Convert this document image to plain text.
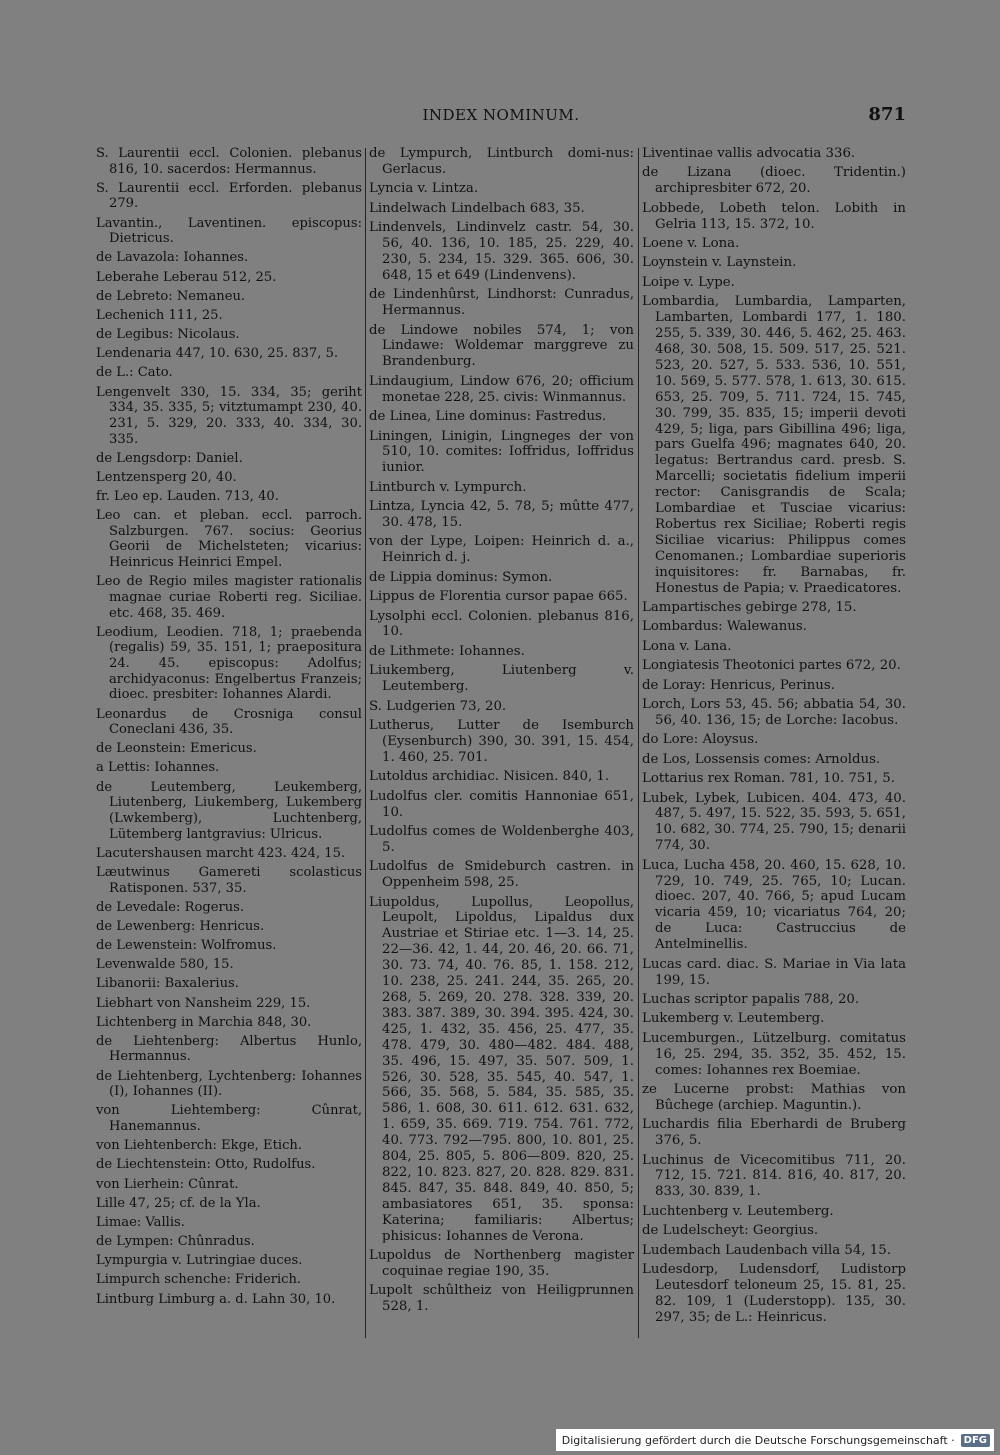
INDEX NOMINUM.	871

S. Laurentii eccl. Colonien. plebanus 816, 10. sacerdos: Hermannus.

S. Laurentii eccl. Erforden. plebanus 279.

Lavantin., Laventinen. episcopus: Dietricus.

de Lavazola: Iohannes.

Leberahe Leberau 512, 25.

de Lebreto: Nemaneu.

Lechenich 111, 25.

de Legibus: Nicolaus.

Lendenaria 447, 10. 630, 25. 837, 5.

de L.: Cato.

Lengenvelt 330, 15. 334, 35; geriht 334, 35. 335, 5; vitztumampt 230, 40. 231, 5. 329, 20. 333, 40. 334, 30. 335.

de Lengsdorp: Daniel.

Lentzensperg 20, 40.

fr. Leo ep. Lauden. 713, 40.

Leo can. et pleban. eccl. parroch. Salzburgen. 767. socius: Georius Georii de Michelsteten; vicarius: Heinricus Heinrici Empel.

Leo de Regio miles magister rationalis magnae curiae Roberti reg. Siciliae. etc. 468, 35. 469.

Leodium, Leodien. 718, 1; praebenda (regalis) 59, 35. 151, 1; praepositura 24. 45. episcopus: Adolfus; archidyaconus: Engelbertus Franzeis; dioec. presbiter: Iohannes Alardi.

Leonardus de Crosniga consul Coneclani 436, 35.

de Leonstein: Emericus.

a Lettis: Iohannes.

de Leutemberg, Leukemberg, Liutenberg, Liukemberg, Lukemberg (Lwkemberg), Luchtenberg, Lütemberg lantgravius: Ulricus.

Lacutershausen marcht 423. 424, 15.

Læutwinus Gamereti scolasticus Ratisponen. 537, 35.

de Levedale: Rogerus.

de Lewenberg: Henricus.

de Lewenstein: Wolfromus.

Levenwalde 580, 15.

Libanorii: Baxalerius.

Liebhart von Nansheim 229, 15.

Lichtenberg in Marchia 848, 30.

de Liehtenberg: Albertus Hunlo, Hermannus.

de Liehtenberg, Lychtenberg: Iohannes (I), Iohannes (II).

von Liehtemberg: Cûnrat, Hanemannus.

von Liehtenberch: Ekge, Etich.

de Liechtenstein: Otto, Rudolfus.

von Lierhein: Cûnrat.

Lille 47, 25; cf. de la Yla.

Limae: Vallis.

de Lympen: Chûnradus.

Lympurgia v. Lutringiae duces.

Limpurch schenche: Friderich.

Lintburg Limburg a. d. Lahn 30, 10.

de Lympurch, Lintburch domi-nus: Gerlacus.

Lyncia v. Lintza.

Lindelwach Lindelbach 683, 35.

Lindenvels, Lindinvelz castr. 54, 30. 56, 40. 136, 10. 185, 25. 229, 40. 230, 5. 234, 15. 329. 365. 606, 30. 648, 15 et 649 (Lindenvens).

de Lindenhûrst, Lindhorst: Cunradus, Hermannus.

de Lindowe nobiles 574, 1; von Lindawe: Woldemar marggreve zu Brandenburg.

Lindaugium, Lindow 676, 20; officium monetae 228, 25. civis: Winmannus.

de Linea, Line dominus: Fastredus.

Liningen, Linigin, Lingneges der von 510, 10. comites: Ioffridus, Ioffridus iunior.

Lintburch v. Lympurch.

Lintza, Lyncia 42, 5. 78, 5; mûtte 477, 30. 478, 15.

von der Lype, Loipen: Heinrich d. a., Heinrich d. j.

de Lippia dominus: Symon.

Lippus de Florentia cursor papae 665.

Lysolphi eccl. Colonien. plebanus 816, 10.

de Lithmete: Iohannes.

Liukemberg, Liutenberg v. Leutemberg.

S. Ludgerien 73, 20.

Lutherus, Lutter de Isemburch (Eysenburch) 390, 30. 391, 15. 454, 1. 460, 25. 701.

Lutoldus archidiac. Nisicen. 840, 1.

Ludolfus cler. comitis Hannoniae 651, 10.

Ludolfus comes de Woldenberghe 403, 5.

Ludolfus de Smideburch castren. in Oppenheim 598, 25.

Liupoldus, Lupollus, Leopollus, Leupolt, Lipoldus, Lipaldus dux Austriae et Stiriae etc. 1—3. 14, 25. 22—36. 42, 1. 44, 20. 46, 20. 66. 71, 30. 73. 74, 40. 76. 85, 1. 158. 212, 10. 238, 25. 241. 244, 35. 265, 20. 268, 5. 269, 20. 278. 328. 339, 20. 383. 387. 389, 30. 394. 395. 424, 30. 425, 1. 432, 35. 456, 25. 477, 35. 478. 479, 30. 480—482. 484. 488, 35. 496, 15. 497, 35. 507. 509, 1. 526, 30. 528, 35. 545, 40. 547, 1. 566, 35. 568, 5. 584, 35. 585, 35. 586, 1. 608, 30. 611. 612. 631. 632, 1. 659, 35. 669. 719. 754. 761. 772, 40. 773. 792—795. 800, 10. 801, 25. 804, 25. 805, 5. 806—809. 820, 25. 822, 10. 823. 827, 20. 828. 829. 831. 845. 847, 35. 848. 849, 40. 850, 5; ambasiatores 651, 35. sponsa: Katerina; familiaris: Albertus; phisicus: Iohannes de Verona.

Lupoldus de Northenberg magister coquinae regiae 190, 35.

Lupolt schûltheiz von Heiligprunnen 528, 1.

Liventinae vallis advocatia 336.

de Lizana (dioec. Tridentin.) archipresbiter 672, 20.

Lobbede, Lobeth telon. Lobith in Gelria 113, 15. 372, 10.

Loene v. Lona.

Loynstein v. Laynstein.

Loipe v. Lype.

Lombardia, Lumbardia, Lamparten, Lambarten, Lombardi 177, 1. 180. 255, 5. 339, 30. 446, 5. 462, 25. 463. 468, 30. 508, 15. 509. 517, 25. 521. 523, 20. 527, 5. 533. 536, 10. 551, 10. 569, 5. 577. 578, 1. 613, 30. 615. 653, 25. 709, 5. 711. 724, 15. 745, 30. 799, 35. 835, 15; imperii devoti 429, 5; liga, pars Gibillina 496; liga, pars Guelfa 496; magnates 640, 20. legatus: Bertrandus card. presb. S. Marcelli; societatis fidelium imperii rector: Canisgrandis de Scala; Lombardiae et Tusciae vicarius: Robertus rex Siciliae; Roberti regis Siciliae vicarius: Philippus comes Cenomanen.; Lombardiae superioris inquisitores: fr. Barnabas, fr. Honestus de Papia; v. Praedicatores.

Lampartisches gebirge 278, 15.

Lombardus: Walewanus.

Lona v. Lana.

Longiatesis Theotonici partes 672, 20.

de Loray: Henricus, Perinus.

Lorch, Lors 53, 45. 56; abbatia 54, 30. 56, 40. 136, 15; de Lorche: Iacobus.

do Lore: Aloysus.

de Los, Lossensis comes: Arnoldus.

Lottarius rex Roman. 781, 10. 751, 5.

Lubek, Lybek, Lubicen. 404. 473, 40. 487, 5. 497, 15. 522, 35. 593, 5. 651, 10. 682, 30. 774, 25. 790, 15; denarii 774, 30.

Luca, Lucha 458, 20. 460, 15. 628, 10. 729, 10. 749, 25. 765, 10; Lucan. dioec. 207, 40. 766, 5; apud Lucam vicaria 459, 10; vicariatus 764, 20; de Luca: Castruccius de Antelminellis.

Lucas card. diac. S. Mariae in Via lata 199, 15.

Luchas scriptor papalis 788, 20.

Lukemberg v. Leutemberg.

Lucemburgen., Lützelburg. comitatus 16, 25. 294, 35. 352, 35. 452, 15. comes: Iohannes rex Boemiae.

ze Lucerne probst: Mathias von Bûchege (archiep. Maguntin.).

Luchardis filia Eberhardi de Bruberg 376, 5.

Luchinus de Vicecomitibus 711, 20. 712, 15. 721. 814. 816, 40. 817, 20. 833, 30. 839, 1.

Luchtenberg v. Leutemberg.

de Ludelscheyt: Georgius.

Ludembach Laudenbach villa 54, 15.

Ludesdorp, Ludensdorf, Ludistorp Leutesdorf teloneum 25, 15. 81, 25. 82. 109, 1 (Luderstopp). 135, 30. 297, 35; de L.: Heinricus.

Digitalisierung gefördert durch die Deutsche Forschungsgemeinschaft · DFG
